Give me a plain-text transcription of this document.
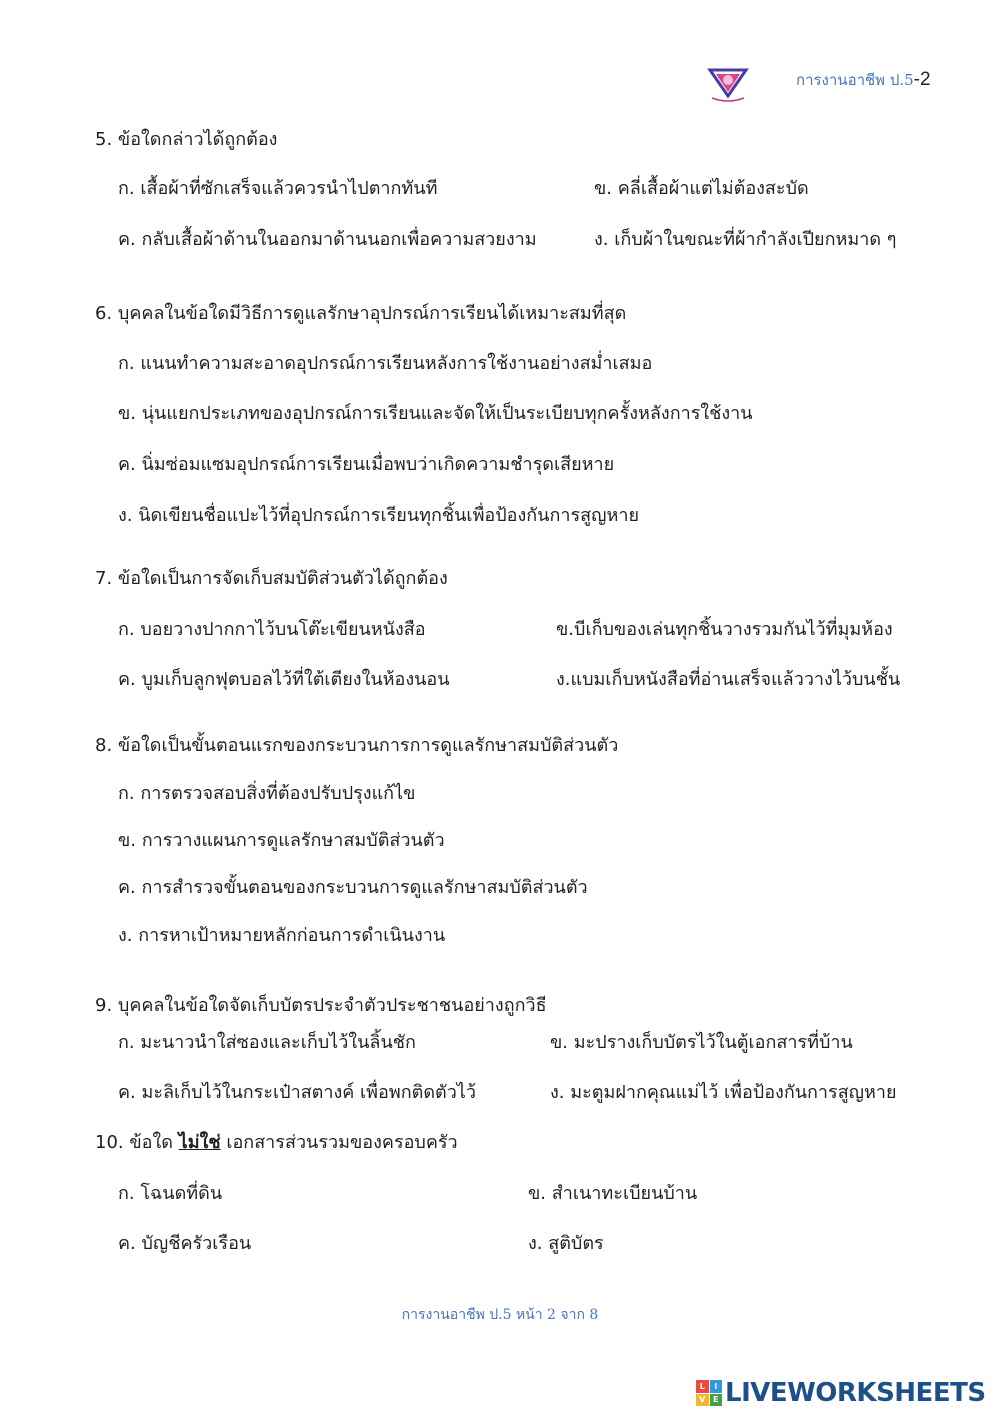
การงานอาชีพ ป.5-2
5. ข้อใดกล่าวได้ถูกต้อง
ก. เสื้อผ้าที่ซักเสร็จแล้วควรนำไปตากทันที	ข. คลี่เสื้อผ้าแต่ไม่ต้องสะบัด
ค. กลับเสื้อผ้าด้านในออกมาด้านนอกเพื่อความสวยงาม	ง. เก็บผ้าในขณะที่ผ้ากำลังเปียกหมาด ๆ
6. บุคคลในข้อใดมีวิธีการดูแลรักษาอุปกรณ์การเรียนได้เหมาะสมที่สุด
ก. แนนทำความสะอาดอุปกรณ์การเรียนหลังการใช้งานอย่างสม่ำเสมอ
ข. นุ่นแยกประเภทของอุปกรณ์การเรียนและจัดให้เป็นระเบียบทุกครั้งหลังการใช้งาน
ค. นิ่มซ่อมแซมอุปกรณ์การเรียนเมื่อพบว่าเกิดความชำรุดเสียหาย
ง. นิดเขียนชื่อแปะไว้ที่อุปกรณ์การเรียนทุกชิ้นเพื่อป้องกันการสูญหาย
7. ข้อใดเป็นการจัดเก็บสมบัติส่วนตัวได้ถูกต้อง
ก. บอยวางปากกาไว้บนโต๊ะเขียนหนังสือ	ข.บีเก็บของเล่นทุกชิ้นวางรวมกันไว้ที่มุมห้อง
ค. บูมเก็บลูกฟุตบอลไว้ที่ใต้เตียงในห้องนอน	ง.แบมเก็บหนังสือที่อ่านเสร็จแล้ววางไว้บนชั้น
8. ข้อใดเป็นขั้นตอนแรกของกระบวนการการดูแลรักษาสมบัติส่วนตัว
ก. การตรวจสอบสิ่งที่ต้องปรับปรุงแก้ไข
ข. การวางแผนการดูแลรักษาสมบัติส่วนตัว
ค. การสำรวจขั้นตอนของกระบวนการดูแลรักษาสมบัติส่วนตัว
ง. การหาเป้าหมายหลักก่อนการดำเนินงาน
9. บุคคลในข้อใดจัดเก็บบัตรประจำตัวประชาชนอย่างถูกวิธี
ก. มะนาวนำใส่ซองและเก็บไว้ในลิ้นชัก	ข. มะปรางเก็บบัตรไว้ในตู้เอกสารที่บ้าน
ค. มะลิเก็บไว้ในกระเป๋าสตางค์ เพื่อพกติดตัวไว้	ง. มะตูมฝากคุณแม่ไว้ เพื่อป้องกันการสูญหาย
10. ข้อใด ไม่ใช่ เอกสารส่วนรวมของครอบครัว
ก. โฉนดที่ดิน	ข. สำเนาทะเบียนบ้าน
ค. บัญชีครัวเรือน	ง. สูติบัตร
การงานอาชีพ ป.5 หน้า 2 จาก 8
L	I
V E LIVEWORKSHEETS
